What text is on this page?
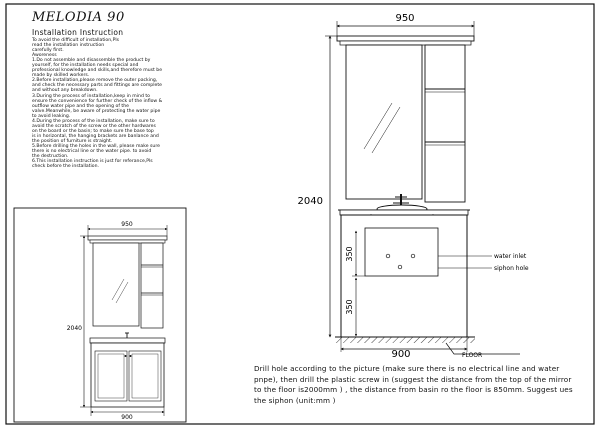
950
2040
900
950
water inlet
siphon hole
2040
350
350
900	FLOOR
MELODIA 90
Installation Instruction
To avoid the difficult of installation,Pls
read the installation instruction
carefully first.
Aworeness
1.Do not assemble and disassemble the product by
yourself, for the installation needs special and
professional knowledge and skills,and therefore must be
made by skilled workers.
2.Before installation,please remove the outer packing,
and check the necessary parts and fittings are complete
and without any breakdown.
3.During the process of installation,keep in mind to
ensure the convenience for further check of the inflow &
outflow water pipe and the opening of the
valve.Meanwhile, be aware of protecting the water pipe
to avoid leaking.
4.During the process of the installation, make sure to
avoid the scratch of the screw or the other hardwares
on the board or the basin; to make sure the base top
is in horizontal, the hanging brackets are banlance and
the position of furniture is straight.
5.Before drilling the holes in the wall, please make sure
there is no electrical line or the water pipe. to avoid
the destruction.
6.This installation instruction is just for referance,Pls
check before the installation.
Drill hole according to the picture (make sure there is no electrical line and water pnpe), then drill the plastic screw in (suggest the distance from the top of the mirror to the floor is2000mm ) , the distance from basin ro the floor is 850mm. Suggest ues the siphon (unit:mm )
